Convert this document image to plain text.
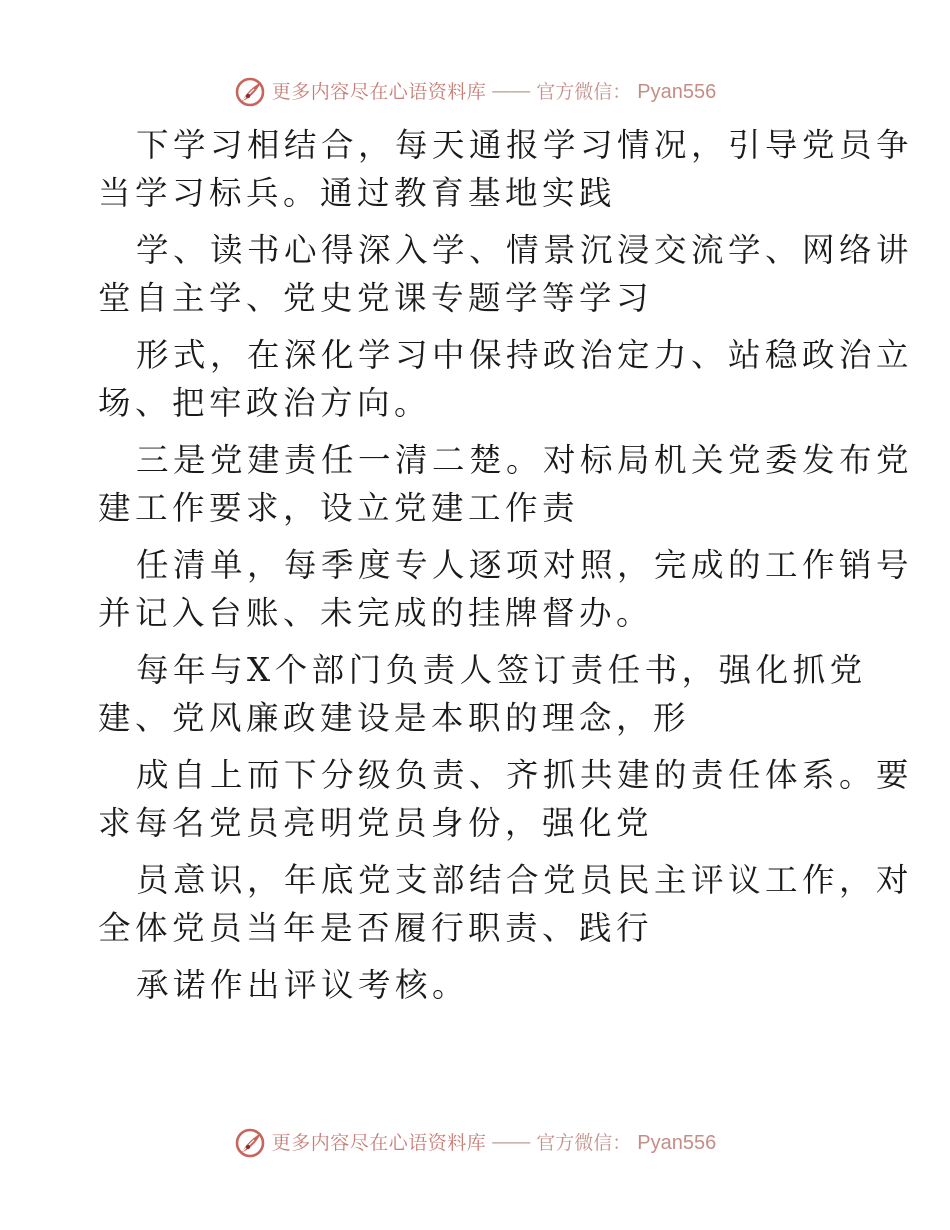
更多内容尽在心语资料库 —— 官方微信： Pyan556
下学习相结合，每天通报学习情况，引导党员争
当学习标兵。通过教育基地实践
学、读书心得深入学、情景沉浸交流学、网络讲
堂自主学、党史党课专题学等学习
形式，在深化学习中保持政治定力、站稳政治立
场、把牢政治方向。
三是党建责任一清二楚。对标局机关党委发布党
建工作要求，设立党建工作责
任清单，每季度专人逐项对照，完成的工作销号
并记入台账、未完成的挂牌督办。
每年与X个部门负责人签订责任书，强化抓党
建、党风廉政建设是本职的理念，形
成自上而下分级负责、齐抓共建的责任体系。要
求每名党员亮明党员身份，强化党
员意识，年底党支部结合党员民主评议工作，对
全体党员当年是否履行职责、践行
承诺作出评议考核。
更多内容尽在心语资料库 —— 官方微信： Pyan556
